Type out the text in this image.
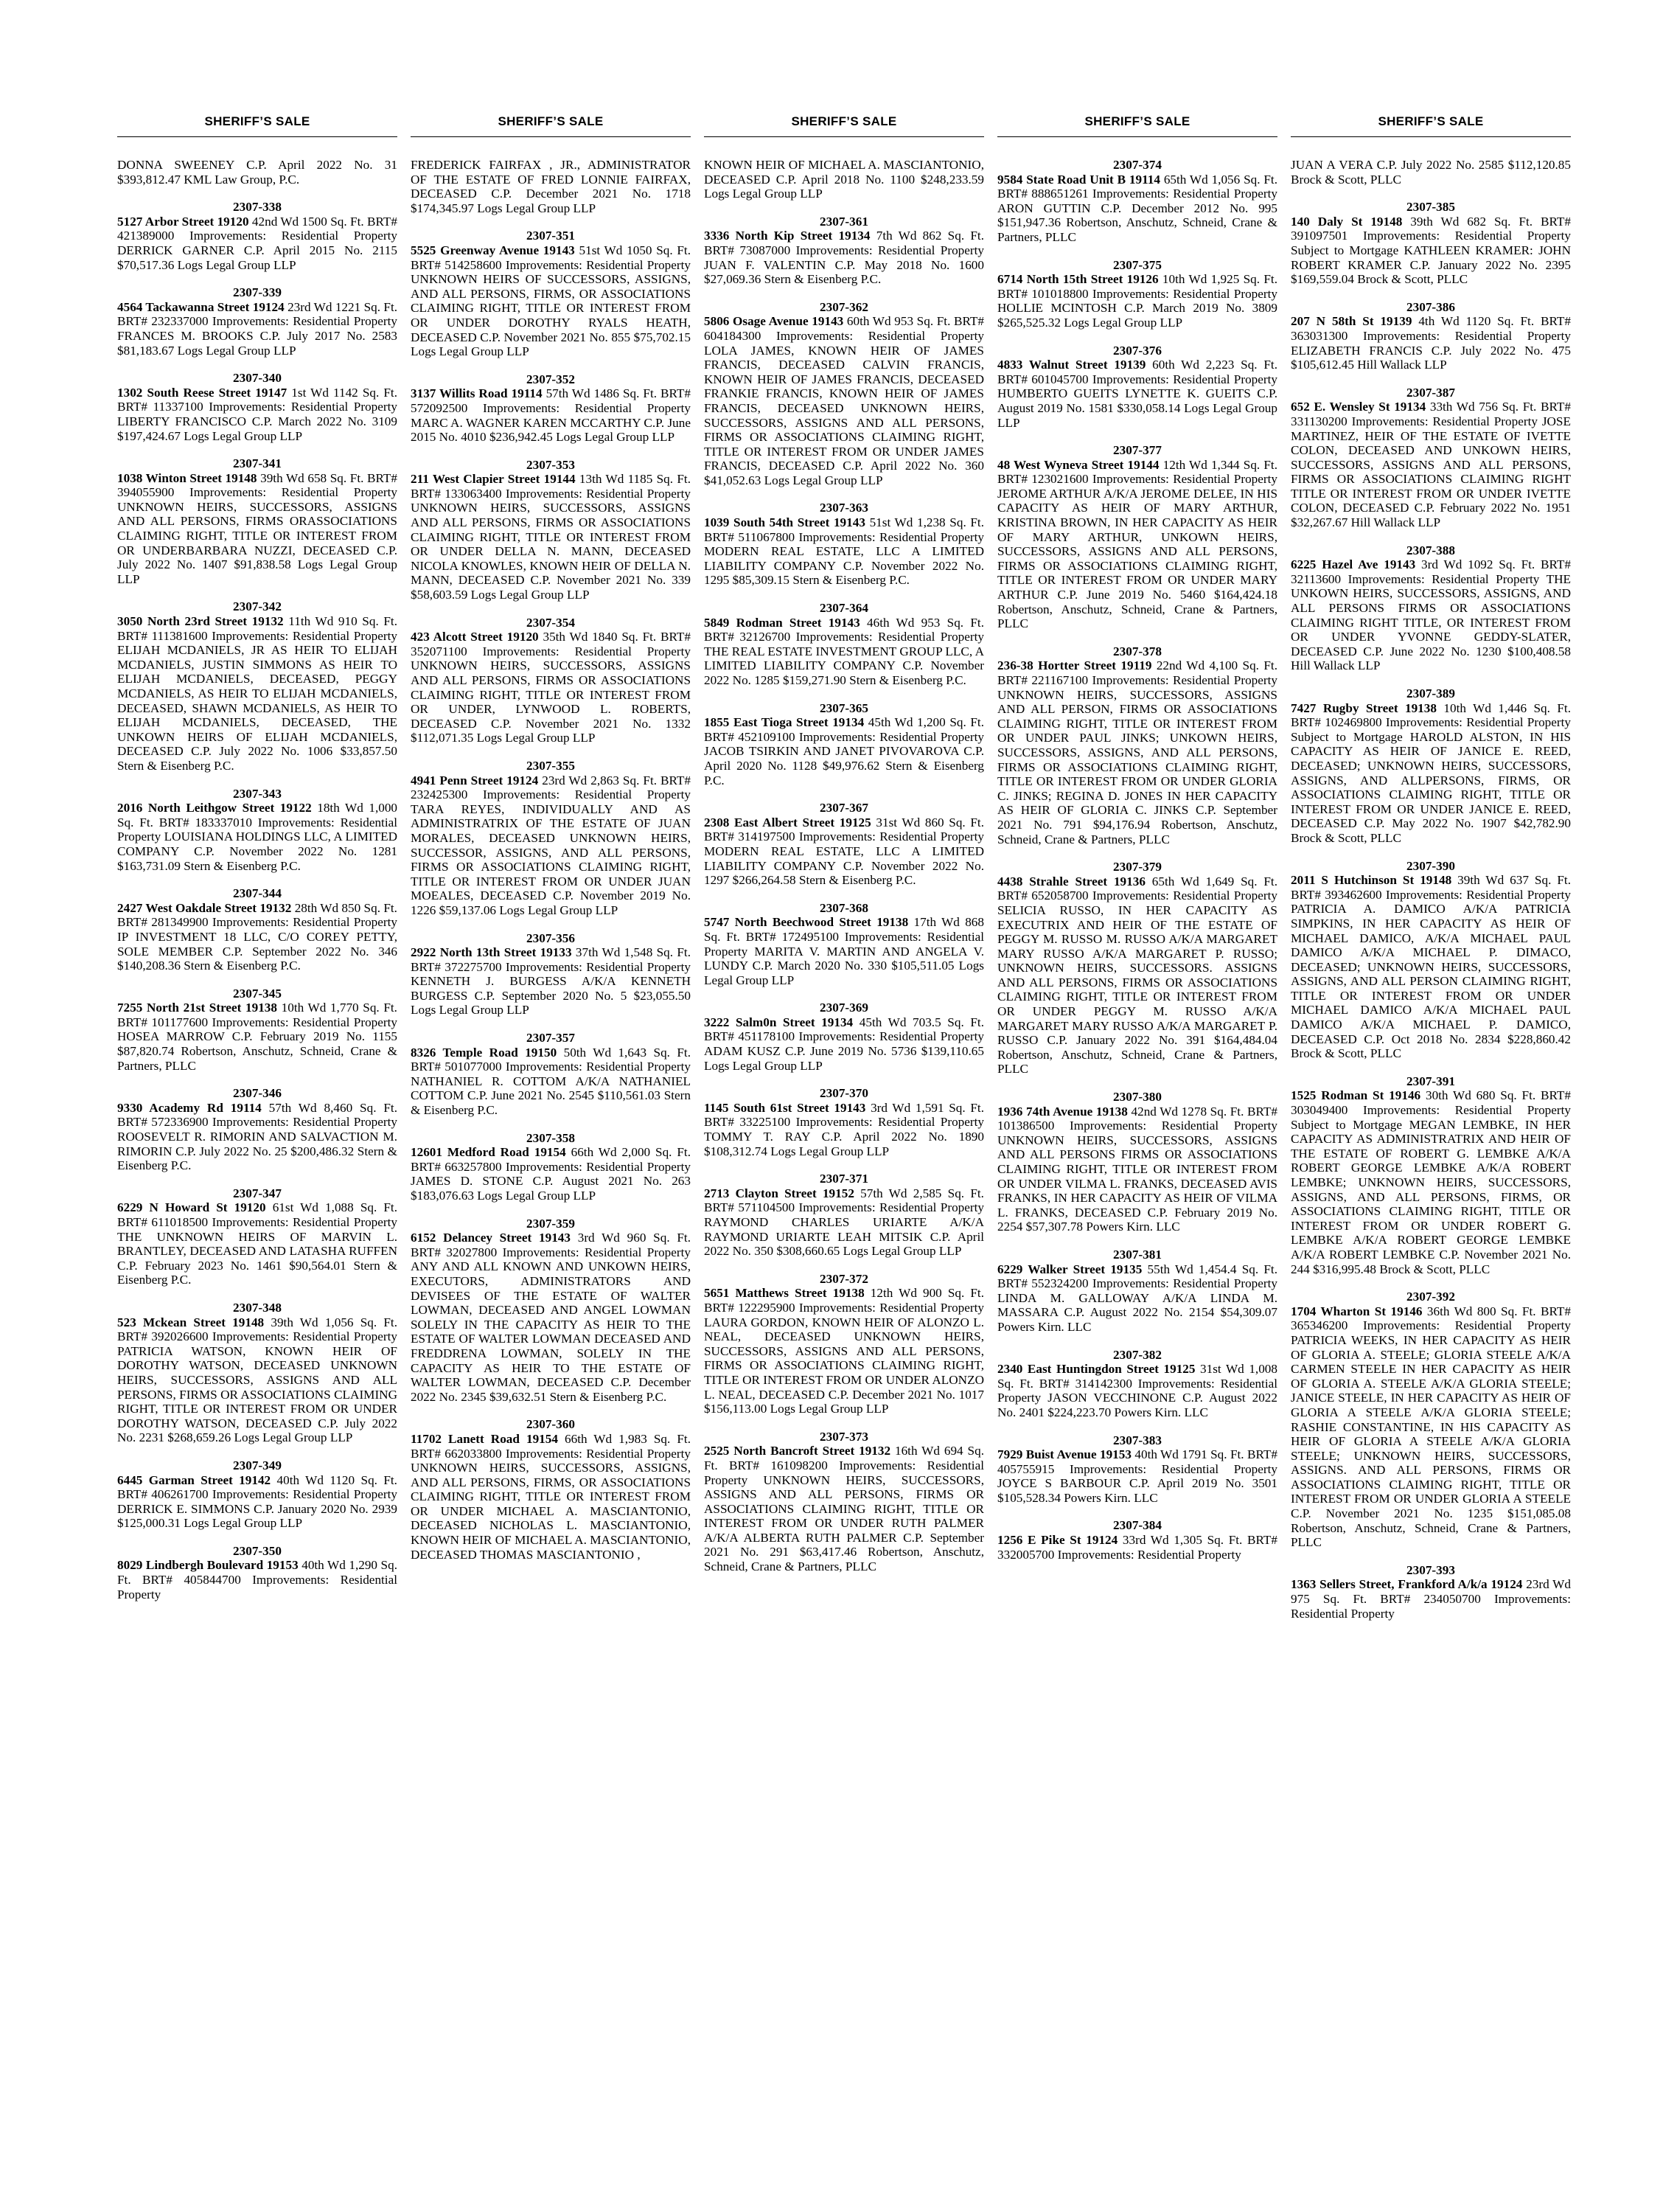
SHERIFF’S SALE

DONNA SWEENEY C.P. April 2022 No. 31 $393,812.47 KML Law Group, P.C.

2307-338

5127 Arbor Street 19120 42nd Wd 1500 Sq. Ft. BRT# 421389000 Improvements: Residential Property DERRICK GARNER C.P. April 2015 No. 2115 $70,517.36 Logs Legal Group LLP

2307-339

4564 Tackawanna Street 19124 23rd Wd 1221 Sq. Ft. BRT# 232337000 Improvements: Residential Property FRANCES M. BROOKS C.P. July 2017 No. 2583 $81,183.67 Logs Legal Group LLP

2307-340

1302 South Reese Street 19147 1st Wd 1142 Sq. Ft. BRT# 11337100 Improvements: Residential Property LIBERTY FRANCISCO C.P. March 2022 No. 3109 $197,424.67 Logs Legal Group LLP

2307-341

1038 Winton Street 19148 39th Wd 658 Sq. Ft. BRT# 394055900 Improvements: Residential Property UNKNOWN HEIRS, SUCCESSORS, ASSIGNS AND ALL PERSONS, FIRMS ORASSOCIATIONS CLAIMING RIGHT, TITLE OR INTEREST FROM OR UNDERBARBARA NUZZI, DECEASED C.P. July 2022 No. 1407 $91,838.58 Logs Legal Group LLP

2307-342

3050 North 23rd Street 19132 11th Wd 910 Sq. Ft. BRT# 111381600 Improvements: Residential Property ELIJAH MCDANIELS, JR AS HEIR TO ELIJAH MCDANIELS, JUSTIN SIMMONS AS HEIR TO ELIJAH MCDANIELS, DECEASED, PEGGY MCDANIELS, AS HEIR TO ELIJAH MCDANIELS, DECEASED, SHAWN MCDANIELS, AS HEIR TO ELIJAH MCDANIELS, DECEASED, THE UNKOWN HEIRS OF ELIJAH MCDANIELS, DECEASED C.P. July 2022 No. 1006 $33,857.50 Stern & Eisenberg P.C.

2307-343

2016 North Leithgow Street 19122 18th Wd 1,000 Sq. Ft. BRT# 183337010 Improvements: Residential Property LOUISIANA HOLDINGS LLC, A LIMITED COMPANY C.P. November 2022 No. 1281 $163,731.09 Stern & Eisenberg P.C.

2307-344

2427 West Oakdale Street 19132 28th Wd 850 Sq. Ft. BRT# 281349900 Improvements: Residential Property IP INVESTMENT 18 LLC, C/O COREY PETTY, SOLE MEMBER C.P. September 2022 No. 346 $140,208.36 Stern & Eisenberg P.C.

2307-345

7255 North 21st Street 19138 10th Wd 1,770 Sq. Ft. BRT# 101177600 Improvements: Residential Property HOSEA MARROW C.P. February 2019 No. 1155 $87,820.74 Robertson, Anschutz, Schneid, Crane & Partners, PLLC

2307-346

9330 Academy Rd 19114 57th Wd 8,460 Sq. Ft. BRT# 572336900 Improvements: Residential Property ROOSEVELT R. RIMORIN AND SALVACTION M. RIMORIN C.P. July 2022 No. 25 $200,486.32 Stern & Eisenberg P.C.

2307-347

6229 N Howard St 19120 61st Wd 1,088 Sq. Ft. BRT# 611018500 Improvements: Residential Property THE UNKNOWN HEIRS OF MARVIN L. BRANTLEY, DECEASED AND LATASHA RUFFEN C.P. February 2023 No. 1461 $90,564.01 Stern & Eisenberg P.C.

2307-348

523 Mckean Street 19148 39th Wd 1,056 Sq. Ft. BRT# 392026600 Improvements: Residential Property PATRICIA WATSON, KNOWN HEIR OF DOROTHY WATSON, DECEASED UNKNOWN HEIRS, SUCCESSORS, ASSIGNS AND ALL PERSONS, FIRMS OR ASSOCIATIONS CLAIMING RIGHT, TITLE OR INTEREST FROM OR UNDER DOROTHY WATSON, DECEASED C.P. July 2022 No. 2231 $268,659.26 Logs Legal Group LLP

2307-349

6445 Garman Street 19142 40th Wd 1120 Sq. Ft. BRT# 406261700 Improvements: Residential Property DERRICK E. SIMMONS C.P. January 2020 No. 2939 $125,000.31 Logs Legal Group LLP

2307-350

8029 Lindbergh Boulevard 19153 40th Wd 1,290 Sq. Ft. BRT# 405844700 Improvements: Residential Property

SHERIFF’S SALE

FREDERICK FAIRFAX , JR., ADMINISTRATOR OF THE ESTATE OF FRED LONNIE FAIRFAX, DECEASED C.P. December 2021 No. 1718 $174,345.97 Logs Legal Group LLP

2307-351

5525 Greenway Avenue 19143 51st Wd 1050 Sq. Ft. BRT# 514258600 Improvements: Residential Property UNKNOWN HEIRS OF SUCCESSORS, ASSIGNS, AND ALL PERSONS, FIRMS, OR ASSOCIATIONS CLAIMING RIGHT, TITLE OR INTEREST FROM OR UNDER DOROTHY RYALS HEATH, DECEASED C.P. November 2021 No. 855 $75,702.15 Logs Legal Group LLP

2307-352

3137 Willits Road 19114 57th Wd 1486 Sq. Ft. BRT# 572092500 Improvements: Residential Property MARC A. WAGNER KAREN MCCARTHY C.P. June 2015 No. 4010 $236,942.45 Logs Legal Group LLP

2307-353

211 West Clapier Street 19144 13th Wd 1185 Sq. Ft. BRT# 133063400 Improvements: Residential Property UNKNOWN HEIRS, SUCCESSORS, ASSIGNS AND ALL PERSONS, FIRMS OR ASSOCIATIONS CLAIMING RIGHT, TITLE OR INTEREST FROM OR UNDER DELLA N. MANN, DECEASED NICOLA KNOWLES, KNOWN HEIR OF DELLA N. MANN, DECEASED C.P. November 2021 No. 339 $58,603.59 Logs Legal Group LLP

2307-354

423 Alcott Street 19120 35th Wd 1840 Sq. Ft. BRT# 352071100 Improvements: Residential Property UNKNOWN HEIRS, SUCCESSORS, ASSIGNS AND ALL PERSONS, FIRMS OR ASSOCIATIONS CLAIMING RIGHT, TITLE OR INTEREST FROM OR UNDER, LYNWOOD L. ROBERTS, DECEASED C.P. November 2021 No. 1332 $112,071.35 Logs Legal Group LLP

2307-355

4941 Penn Street 19124 23rd Wd 2,863 Sq. Ft. BRT# 232425300 Improvements: Residential Property TARA REYES, INDIVIDUALLY AND AS ADMINISTRATRIX OF THE ESTATE OF JUAN MORALES, DECEASED UNKNOWN HEIRS, SUCCESSOR, ASSIGNS, AND ALL PERSONS, FIRMS OR ASSOCIATIONS CLAIMING RIGHT, TITLE OR INTEREST FROM OR UNDER JUAN MOEALES, DECEASED C.P. November 2019 No. 1226 $59,137.06 Logs Legal Group LLP

2307-356

2922 North 13th Street 19133 37th Wd 1,548 Sq. Ft. BRT# 372275700 Improvements: Residential Property KENNETH J. BURGESS A/K/A KENNETH BURGESS C.P. September 2020 No. 5 $23,055.50 Logs Legal Group LLP

2307-357

8326 Temple Road 19150 50th Wd 1,643 Sq. Ft. BRT# 501077000 Improvements: Residential Property NATHANIEL R. COTTOM A/K/A NATHANIEL COTTOM C.P. June 2021 No. 2545 $110,561.03 Stern & Eisenberg P.C.

2307-358

12601 Medford Road 19154 66th Wd 2,000 Sq. Ft. BRT# 663257800 Improvements: Residential Property JAMES D. STONE C.P. August 2021 No. 263 $183,076.63 Logs Legal Group LLP

2307-359

6152 Delancey Street 19143 3rd Wd 960 Sq. Ft. BRT# 32027800 Improvements: Residential Property ANY AND ALL KNOWN AND UNKOWN HEIRS, EXECUTORS, ADMINISTRATORS AND DEVISEES OF THE ESTATE OF WALTER LOWMAN, DECEASED AND ANGEL LOWMAN SOLELY IN THE CAPACITY AS HEIR TO THE ESTATE OF WALTER LOWMAN DECEASED AND FREDDRENA LOWMAN, SOLELY IN THE CAPACITY AS HEIR TO THE ESTATE OF WALTER LOWMAN, DECEASED C.P. December 2022 No. 2345 $39,632.51 Stern & Eisenberg P.C.

2307-360

11702 Lanett Road 19154 66th Wd 1,983 Sq. Ft. BRT# 662033800 Improvements: Residential Property UNKNOWN HEIRS, SUCCESSORS, ASSIGNS, AND ALL PERSONS, FIRMS, OR ASSOCIATIONS CLAIMING RIGHT, TITLE OR INTEREST FROM OR UNDER MICHAEL A. MASCIANTONIO, DECEASED NICHOLAS L. MASCIANTONIO, KNOWN HEIR OF MICHAEL A. MASCIANTONIO, DECEASED THOMAS MASCIANTONIO ,

SHERIFF’S SALE

KNOWN HEIR OF MICHAEL A. MASCIANTONIO, DECEASED C.P. April 2018 No. 1100 $248,233.59 Logs Legal Group LLP

2307-361

3336 North Kip Street 19134 7th Wd 862 Sq. Ft. BRT# 73087000 Improvements: Residential Property JUAN F. VALENTIN C.P. May 2018 No. 1600 $27,069.36 Stern & Eisenberg P.C.

2307-362

5806 Osage Avenue 19143 60th Wd 953 Sq. Ft. BRT# 604184300 Improvements: Residential Property LOLA JAMES, KNOWN HEIR OF JAMES FRANCIS, DECEASED CALVIN FRANCIS, KNOWN HEIR OF JAMES FRANCIS, DECEASED FRANKIE FRANCIS, KNOWN HEIR OF JAMES FRANCIS, DECEASED UNKNOWN HEIRS, SUCCESSORS, ASSIGNS AND ALL PERSONS, FIRMS OR ASSOCIATIONS CLAIMING RIGHT, TITLE OR INTEREST FROM OR UNDER JAMES FRANCIS, DECEASED C.P. April 2022 No. 360 $41,052.63 Logs Legal Group LLP

2307-363

1039 South 54th Street 19143 51st Wd 1,238 Sq. Ft. BRT# 511067800 Improvements: Residential Property MODERN REAL ESTATE, LLC A LIMITED LIABILITY COMPANY C.P. November 2022 No. 1295 $85,309.15 Stern & Eisenberg P.C.

2307-364

5849 Rodman Street 19143 46th Wd 953 Sq. Ft. BRT# 32126700 Improvements: Residential Property THE REAL ESTATE INVESTMENT GROUP LLC, A LIMITED LIABILITY COMPANY C.P. November 2022 No. 1285 $159,271.90 Stern & Eisenberg P.C.

2307-365

1855 East Tioga Street 19134 45th Wd 1,200 Sq. Ft. BRT# 452109100 Improvements: Residential Property JACOB TSIRKIN AND JANET PIVOVAROVA C.P. April 2020 No. 1128 $49,976.62 Stern & Eisenberg P.C.

2307-367

2308 East Albert Street 19125 31st Wd 860 Sq. Ft. BRT# 314197500 Improvements: Residential Property MODERN REAL ESTATE, LLC A LIMITED LIABILITY COMPANY C.P. November 2022 No. 1297 $266,264.58 Stern & Eisenberg P.C.

2307-368

5747 North Beechwood Street 19138 17th Wd 868 Sq. Ft. BRT# 172495100 Improvements: Residential Property MARITA V. MARTIN AND ANGELA V. LUNDY C.P. March 2020 No. 330 $105,511.05 Logs Legal Group LLP

2307-369

3222 Salm0n Street 19134 45th Wd 703.5 Sq. Ft. BRT# 451178100 Improvements: Residential Property ADAM KUSZ C.P. June 2019 No. 5736 $139,110.65 Logs Legal Group LLP

2307-370

1145 South 61st Street 19143 3rd Wd 1,591 Sq. Ft. BRT# 33225100 Improvements: Residential Property TOMMY T. RAY C.P. April 2022 No. 1890 $108,312.74 Logs Legal Group LLP

2307-371

2713 Clayton Street 19152 57th Wd 2,585 Sq. Ft. BRT# 571104500 Improvements: Residential Property RAYMOND CHARLES URIARTE A/K/A RAYMOND URIARTE LEAH MITSIK C.P. April 2022 No. 350 $308,660.65 Logs Legal Group LLP

2307-372

5651 Matthews Street 19138 12th Wd 900 Sq. Ft. BRT# 122295900 Improvements: Residential Property LAURA GORDON, KNOWN HEIR OF ALONZO L. NEAL, DECEASED UNKNOWN HEIRS, SUCCESSORS, ASSIGNS AND ALL PERSONS, FIRMS OR ASSOCIATIONS CLAIMING RIGHT, TITLE OR INTEREST FROM OR UNDER ALONZO L. NEAL, DECEASED C.P. December 2021 No. 1017 $156,113.00 Logs Legal Group LLP

2307-373

2525 North Bancroft Street 19132 16th Wd 694 Sq. Ft. BRT# 161098200 Improvements: Residential Property UNKNOWN HEIRS, SUCCESSORS, ASSIGNS AND ALL PERSONS, FIRMS OR ASSOCIATIONS CLAIMING RIGHT, TITLE OR INTEREST FROM OR UNDER RUTH PALMER A/K/A ALBERTA RUTH PALMER C.P. September 2021 No. 291 $63,417.46 Robertson, Anschutz, Schneid, Crane & Partners, PLLC

SHERIFF’S SALE

2307-374

9584 State Road Unit B 19114 65th Wd 1,056 Sq. Ft. BRT# 888651261 Improvements: Residential Property ARON GUTTIN C.P. December 2012 No. 995 $151,947.36 Robertson, Anschutz, Schneid, Crane & Partners, PLLC

2307-375

6714 North 15th Street 19126 10th Wd 1,925 Sq. Ft. BRT# 101018800 Improvements: Residential Property HOLLIE MCINTOSH C.P. March 2019 No. 3809 $265,525.32 Logs Legal Group LLP

2307-376

4833 Walnut Street 19139 60th Wd 2,223 Sq. Ft. BRT# 601045700 Improvements: Residential Property HUMBERTO GUEITS LYNETTE K. GUEITS C.P. August 2019 No. 1581 $330,058.14 Logs Legal Group LLP

2307-377

48 West Wyneva Street 19144 12th Wd 1,344 Sq. Ft. BRT# 123021600 Improvements: Residential Property JEROME ARTHUR A/K/A JEROME DELEE, IN HIS CAPACITY AS HEIR OF MARY ARTHUR, KRISTINA BROWN, IN HER CAPACITY AS HEIR OF MARY ARTHUR, UNKOWN HEIRS, SUCCESSORS, ASSIGNS AND ALL PERSONS, FIRMS OR ASSOCIATIONS CLAIMING RIGHT, TITLE OR INTEREST FROM OR UNDER MARY ARTHUR C.P. June 2019 No. 5460 $164,424.18 Robertson, Anschutz, Schneid, Crane & Partners, PLLC

2307-378

236-38 Hortter Street 19119 22nd Wd 4,100 Sq. Ft. BRT# 221167100 Improvements: Residential Property UNKNOWN HEIRS, SUCCESSORS, ASSIGNS AND ALL PERSON, FIRMS OR ASSOCIATIONS CLAIMING RIGHT, TITLE OR INTEREST FROM OR UNDER PAUL JINKS; UNKOWN HEIRS, SUCCESSORS, ASSIGNS, AND ALL PERSONS, FIRMS OR ASSOCIATIONS CLAIMING RIGHT, TITLE OR INTEREST FROM OR UNDER GLORIA C. JINKS; REGINA D. JONES IN HER CAPACITY AS HEIR OF GLORIA C. JINKS C.P. September 2021 No. 791 $94,176.94 Robertson, Anschutz, Schneid, Crane & Partners, PLLC

2307-379

4438 Strahle Street 19136 65th Wd 1,649 Sq. Ft. BRT# 652058700 Improvements: Residential Property SELICIA RUSSO, IN HER CAPACITY AS EXECUTRIX AND HEIR OF THE ESTATE OF PEGGY M. RUSSO M. RUSSO A/K/A MARGARET MARY RUSSO A/K/A MARGARET P. RUSSO; UNKNOWN HEIRS, SUCCESSORS. ASSIGNS AND ALL PERSONS, FIRMS OR ASSOCIATIONS CLAIMING RIGHT, TITLE OR INTEREST FROM OR UNDER PEGGY M. RUSSO A/K/A MARGARET MARY RUSSO A/K/A MARGARET P. RUSSO C.P. January 2022 No. 391 $164,484.04 Robertson, Anschutz, Schneid, Crane & Partners, PLLC

2307-380

1936 74th Avenue 19138 42nd Wd 1278 Sq. Ft. BRT# 101386500 Improvements: Residential Property UNKNOWN HEIRS, SUCCESSORS, ASSIGNS AND ALL PERSONS FIRMS OR ASSOCIATIONS CLAIMING RIGHT, TITLE OR INTEREST FROM OR UNDER VILMA L. FRANKS, DECEASED AVIS FRANKS, IN HER CAPACITY AS HEIR OF VILMA L. FRANKS, DECEASED C.P. February 2019 No. 2254 $57,307.78 Powers Kirn. LLC

2307-381

6229 Walker Street 19135 55th Wd 1,454.4 Sq. Ft. BRT# 552324200 Improvements: Residential Property LINDA M. GALLOWAY A/K/A LINDA M. MASSARA C.P. August 2022 No. 2154 $54,309.07 Powers Kirn. LLC

2307-382

2340 East Huntingdon Street 19125 31st Wd 1,008 Sq. Ft. BRT# 314142300 Improvements: Residential Property JASON VECCHINONE C.P. August 2022 No. 2401 $224,223.70 Powers Kirn. LLC

2307-383

7929 Buist Avenue 19153 40th Wd 1791 Sq. Ft. BRT# 405755915 Improvements: Residential Property JOYCE S BARBOUR C.P. April 2019 No. 3501 $105,528.34 Powers Kirn. LLC

2307-384

1256 E Pike St 19124 33rd Wd 1,305 Sq. Ft. BRT# 332005700 Improvements: Residential Property

SHERIFF’S SALE

JUAN A VERA C.P. July 2022 No. 2585 $112,120.85 Brock & Scott, PLLC

2307-385

140 Daly St 19148 39th Wd 682 Sq. Ft. BRT# 391097501 Improvements: Residential Property Subject to Mortgage KATHLEEN KRAMER: JOHN ROBERT KRAMER C.P. January 2022 No. 2395 $169,559.04 Brock & Scott, PLLC

2307-386

207 N 58th St 19139 4th Wd 1120 Sq. Ft. BRT# 363031300 Improvements: Residential Property ELIZABETH FRANCIS C.P. July 2022 No. 475 $105,612.45 Hill Wallack LLP

2307-387

652 E. Wensley St 19134 33th Wd 756 Sq. Ft. BRT# 331130200 Improvements: Residential Property JOSE MARTINEZ, HEIR OF THE ESTATE OF IVETTE COLON, DECEASED AND UNKOWN HEIRS, SUCCESSORS, ASSIGNS AND ALL PERSONS, FIRMS OR ASSOCIATIONS CLAIMING RIGHT TITLE OR INTEREST FROM OR UNDER IVETTE COLON, DECEASED C.P. February 2022 No. 1951 $32,267.67 Hill Wallack LLP

2307-388

6225 Hazel Ave 19143 3rd Wd 1092 Sq. Ft. BRT# 32113600 Improvements: Residential Property THE UNKOWN HEIRS, SUCCESSORS, ASSIGNS, AND ALL PERSONS FIRMS OR ASSOCIATIONS CLAIMING RIGHT TITLE, OR INTEREST FROM OR UNDER YVONNE GEDDY-SLATER, DECEASED C.P. June 2022 No. 1230 $100,408.58 Hill Wallack LLP

2307-389

7427 Rugby Street 19138 10th Wd 1,446 Sq. Ft. BRT# 102469800 Improvements: Residential Property Subject to Mortgage HAROLD ALSTON, IN HIS CAPACITY AS HEIR OF JANICE E. REED, DECEASED; UNKNOWN HEIRS, SUCCESSORS, ASSIGNS, AND ALLPERSONS, FIRMS, OR ASSOCIATIONS CLAIMING RIGHT, TITLE OR INTEREST FROM OR UNDER JANICE E. REED, DECEASED C.P. May 2022 No. 1907 $42,782.90 Brock & Scott, PLLC

2307-390

2011 S Hutchinson St 19148 39th Wd 637 Sq. Ft. BRT# 393462600 Improvements: Residential Property PATRICIA A. DAMICO A/K/A PATRICIA SIMPKINS, IN HER CAPACITY AS HEIR OF MICHAEL DAMICO, A/K/A MICHAEL PAUL DAMICO A/K/A MICHAEL P. DIMACO, DECEASED; UNKNOWN HEIRS, SUCCESSORS, ASSIGNS, AND ALL PERSON CLAIMING RIGHT, TITLE OR INTEREST FROM OR UNDER MICHAEL DAMICO A/K/A MICHAEL PAUL DAMICO A/K/A MICHAEL P. DAMICO, DECEASED C.P. Oct 2018 No. 2834 $228,860.42 Brock & Scott, PLLC

2307-391

1525 Rodman St 19146 30th Wd 680 Sq. Ft. BRT# 303049400 Improvements: Residential Property Subject to Mortgage MEGAN LEMBKE, IN HER CAPACITY AS ADMINISTRATRIX AND HEIR OF THE ESTATE OF ROBERT G. LEMBKE A/K/A ROBERT GEORGE LEMBKE A/K/A ROBERT LEMBKE; UNKNOWN HEIRS, SUCCESSORS, ASSIGNS, AND ALL PERSONS, FIRMS, OR ASSOCIATIONS CLAIMING RIGHT, TITLE OR INTEREST FROM OR UNDER ROBERT G. LEMBKE A/K/A ROBERT GEORGE LEMBKE A/K/A ROBERT LEMBKE C.P. November 2021 No. 244 $316,995.48 Brock & Scott, PLLC

2307-392

1704 Wharton St 19146 36th Wd 800 Sq. Ft. BRT# 365346200 Improvements: Residential Property PATRICIA WEEKS, IN HER CAPACITY AS HEIR OF GLORIA A. STEELE; GLORIA STEELE A/K/A CARMEN STEELE IN HER CAPACITY AS HEIR OF GLORIA A. STEELE A/K/A GLORIA STEELE; JANICE STEELE, IN HER CAPACITY AS HEIR OF GLORIA A STEELE A/K/A GLORIA STEELE; RASHIE CONSTANTINE, IN HIS CAPACITY AS HEIR OF GLORIA A STEELE A/K/A GLORIA STEELE; UNKNOWN HEIRS, SUCCESSORS, ASSIGNS. AND ALL PERSONS, FIRMS OR ASSOCIATIONS CLAIMING RIGHT, TITLE OR INTEREST FROM OR UNDER GLORIA A STEELE C.P. November 2021 No. 1235 $151,085.08 Robertson, Anschutz, Schneid, Crane & Partners, PLLC

2307-393

1363 Sellers Street, Frankford A/k/a 19124 23rd Wd 975 Sq. Ft. BRT# 234050700 Improvements: Residential Property
